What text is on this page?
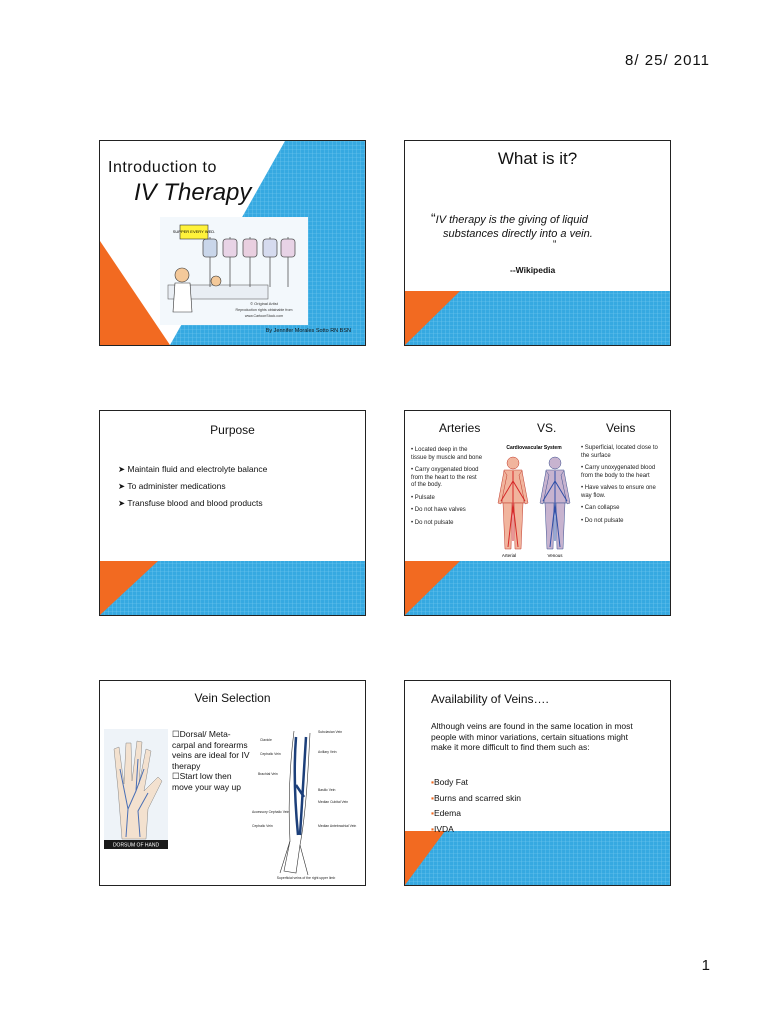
8/ 25/ 2011
Introduction to
IV Therapy
SUPPER EVERY WED.
© Original Artist
Reproduction rights obtainable from
www.CartoonStock.com
By Jennifer Morales Sotto RN BSN
What is it?
“IV therapy is the giving of liquid
substances directly into a vein.
“
--Wikipedia
Purpose
➤ Maintain fluid and electrolyte balance
➤ To administer medications
➤ Transfuse blood and blood products
Arteries	VS.	Veins
• Located deep in the tissue by muscle and bone
• Carry oxygenated blood from the heart to the rest of the body.
• Pulsate
• Do not have valves
• Do not pulsate
• Superficial, located close to the surface
• Carry unoxygenated blood from the body to the heart
• Have valves to ensure one way flow.
• Can collapse
• Do not pulsate
Cardiovascular System
Arterial	Venous
Vein Selection
DORSUM OF HAND
☐Dorsal/ Meta-carpal and forearms veins are ideal for IV therapy
☐Start low then move your way up
Subclavian Vein
Clavicle
Cephalic Vein	Axillary Vein
Brachial Vein
Basilic Vein
Median Cubital Vein
Accessory Cephalic Vein
Cephalic Vein	Median Antebrachial Vein
Superficial veins of the right upper limb
Availability of Veins….
Although veins are found in the same location in most people with minor variations, certain situations might make it more difficult to find them such as:
▪Body Fat
▪Burns and scarred skin
▪Edema
▪IVDA
1
